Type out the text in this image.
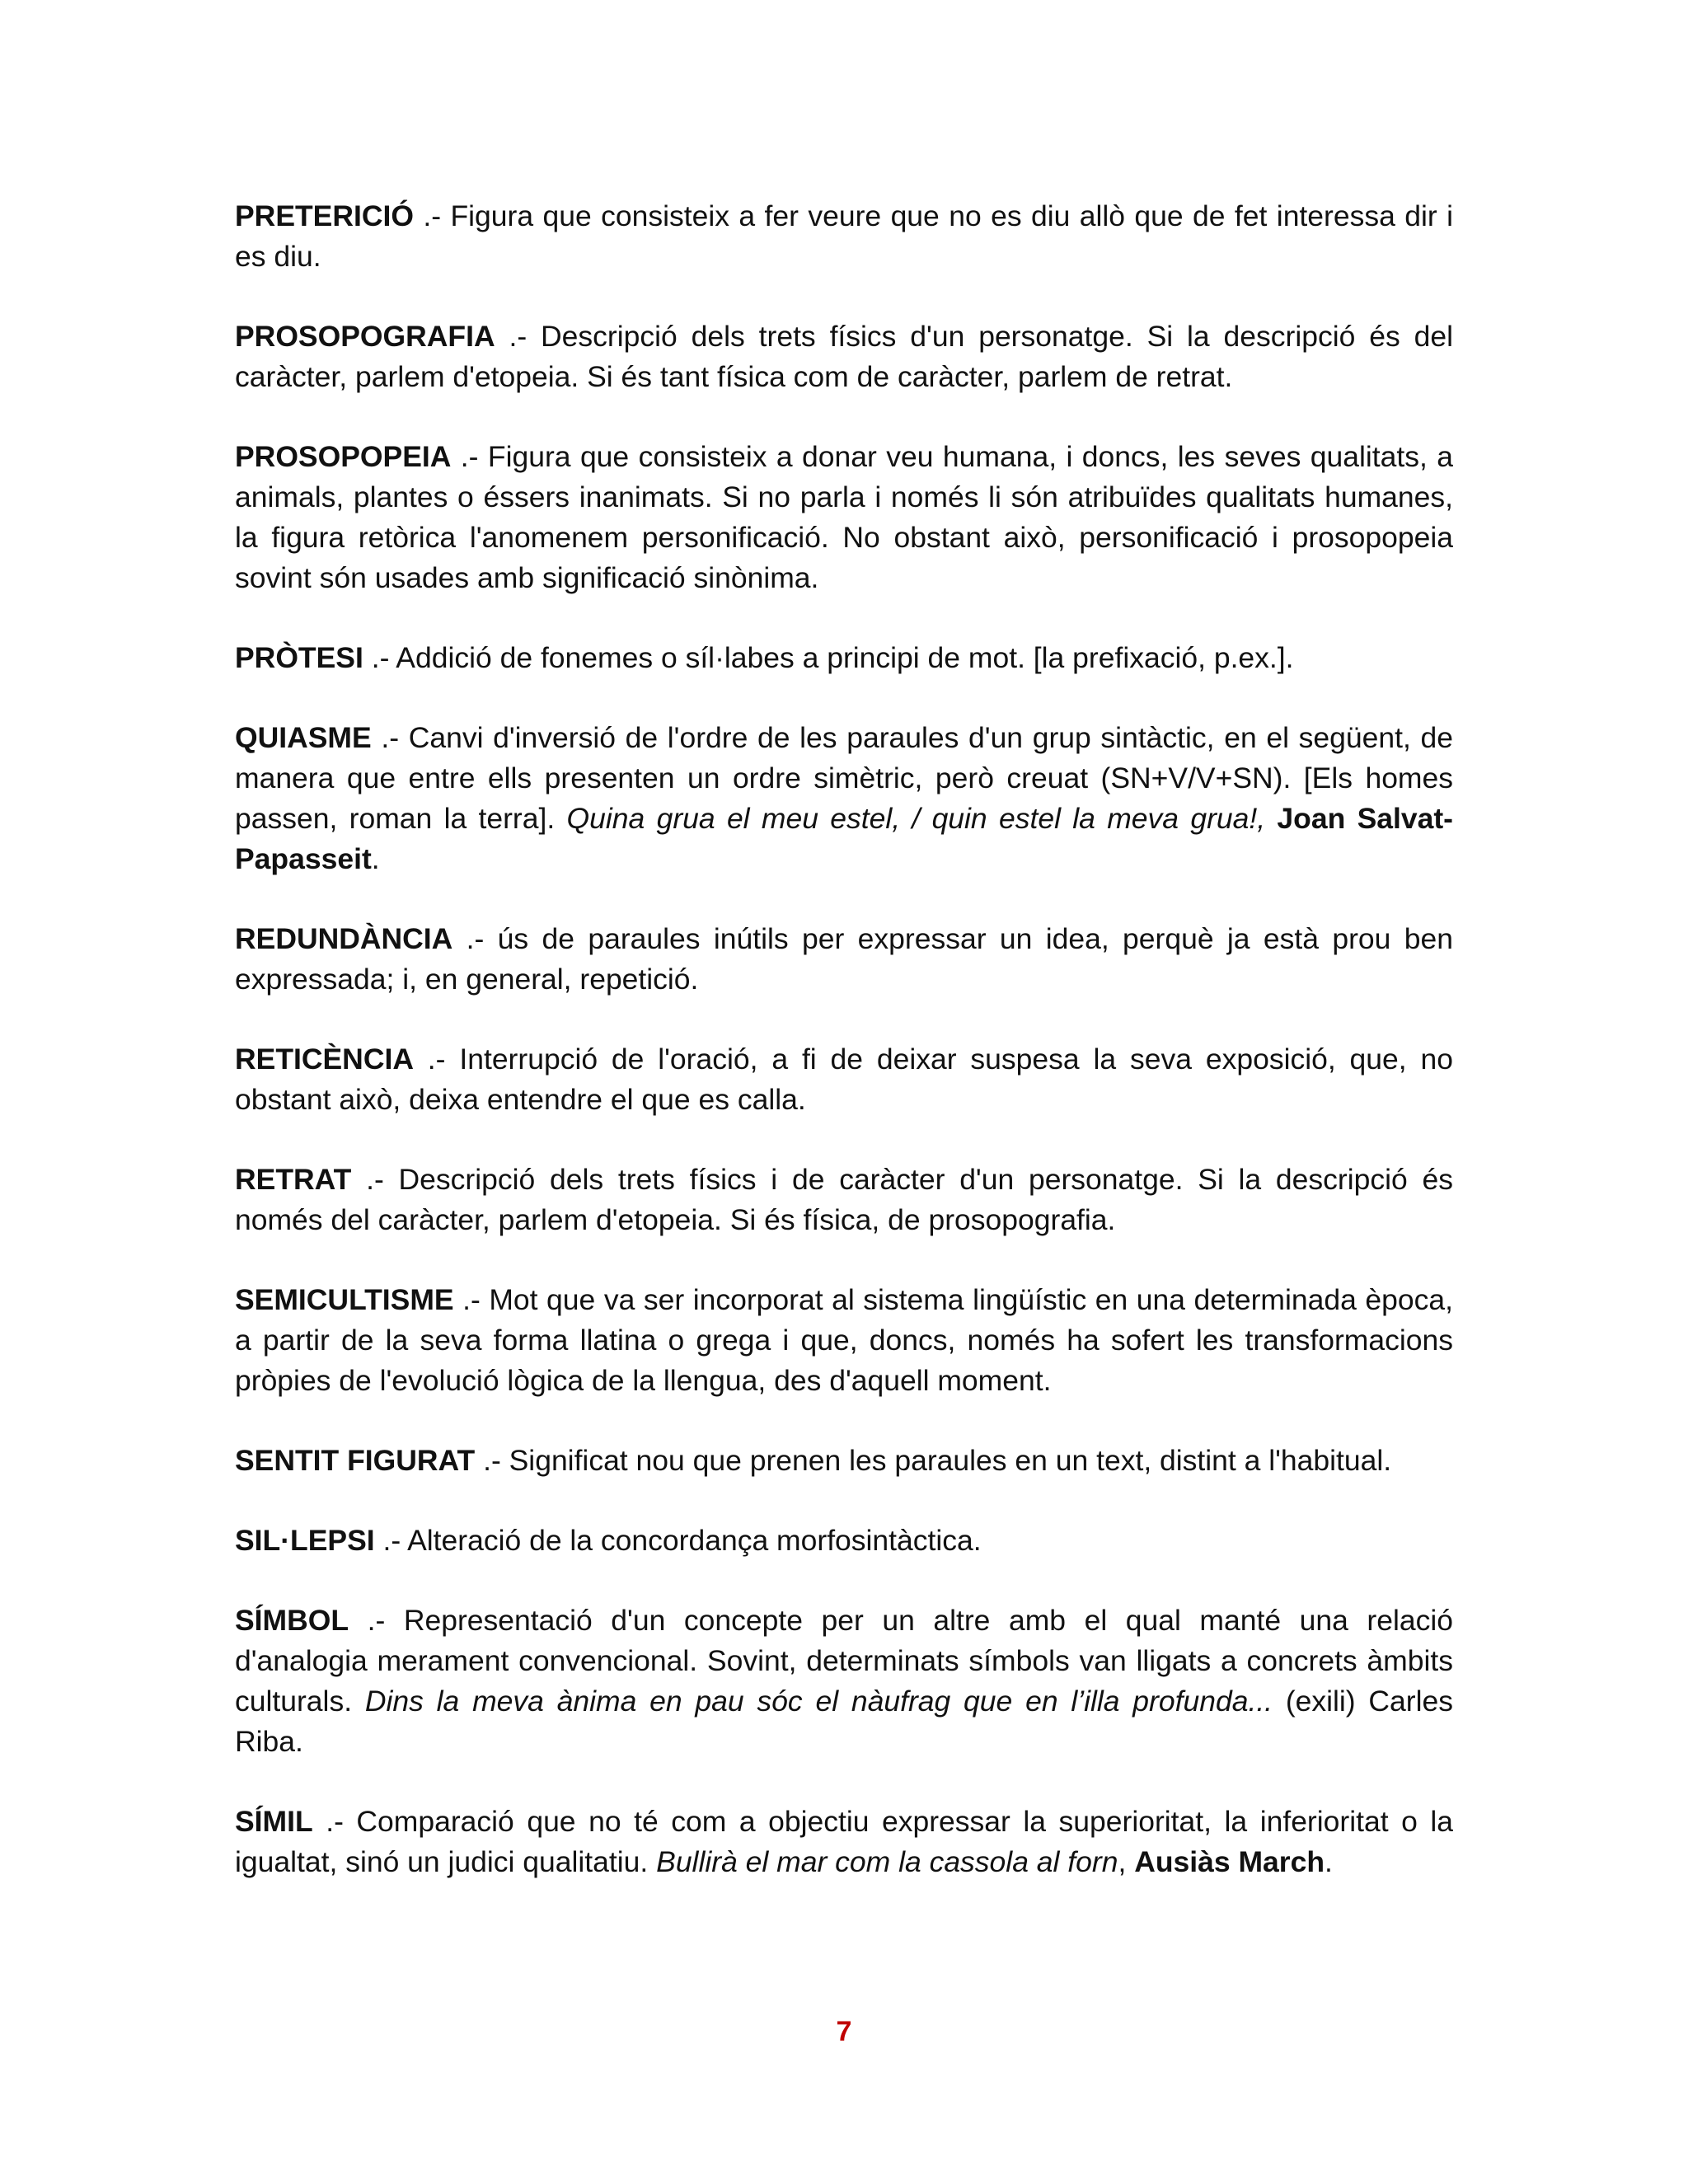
PRETERICIÓ .- Figura que consisteix a fer veure que no es diu allò que de fet interessa dir i es diu.

PROSOPOGRAFIA .- Descripció dels trets físics d'un personatge. Si la descripció és del caràcter, parlem d'etopeia. Si és tant física com de caràcter, parlem de retrat.

PROSOPOPEIA .- Figura que consisteix a donar veu humana, i doncs, les seves qualitats, a animals, plantes o éssers inanimats. Si no parla i només li són atribuïdes qualitats humanes, la figura retòrica l'anomenem personificació. No obstant això, personificació i prosopopeia sovint són usades amb significació sinònima.

PRÒTESI .- Addició de fonemes o síl·labes a principi de mot. [la prefixació, p.ex.].

QUIASME .- Canvi d'inversió de l'ordre de les paraules d'un grup sintàctic, en el següent, de manera que entre ells presenten un ordre simètric, però creuat (SN+V/V+SN). [Els homes passen, roman la terra]. Quina grua el meu estel, / quin estel la meva grua!, Joan Salvat-Papasseit.

REDUNDÀNCIA .- ús de paraules inútils per expressar un idea, perquè ja està prou ben expressada; i, en general, repetició.

RETICÈNCIA .- Interrupció de l'oració, a fi de deixar suspesa la seva exposició, que, no obstant això, deixa entendre el que es calla.

RETRAT .- Descripció dels trets físics i de caràcter d'un personatge. Si la descripció és només del caràcter, parlem d'etopeia. Si és física, de prosopografia.

SEMICULTISME .- Mot que va ser incorporat al sistema lingüístic en una determinada època, a partir de la seva forma llatina o grega i que, doncs, només ha sofert les transformacions pròpies de l'evolució lògica de la llengua, des d'aquell moment.

SENTIT FIGURAT .- Significat nou que prenen les paraules en un text, distint a l'habitual.

SIL·LEPSI .- Alteració de la concordança morfosintàctica.

SÍMBOL .- Representació d'un concepte per un altre amb el qual manté una relació d'analogia merament convencional. Sovint, determinats símbols van lligats a concrets àmbits culturals. Dins la meva ànima en pau sóc el nàufrag que en l’illa profunda... (exili) Carles Riba.

SÍMIL .- Comparació que no té com a objectiu expressar la superioritat, la inferioritat o la igualtat, sinó un judici qualitatiu. Bullirà el mar com la cassola al forn, Ausiàs March.

7
